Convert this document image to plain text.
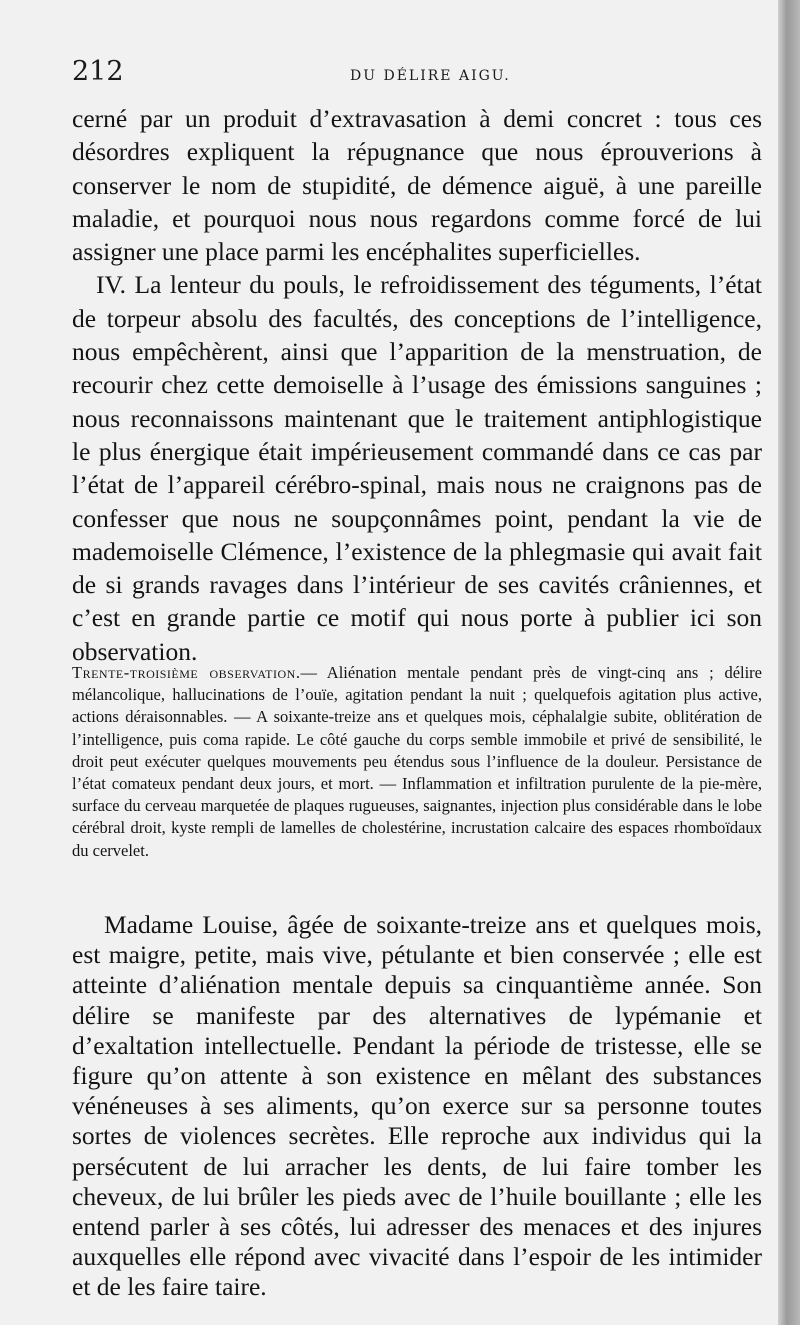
212	DU DÉLIRE AIGU.

cerné par un produit d’extravasation à demi concret : tous ces désordres expliquent la répugnance que nous éprouverions à conserver le nom de stupidité, de démence aiguë, à une pareille maladie, et pourquoi nous nous regardons comme forcé de lui assigner une place parmi les encéphalites superficielles.

IV. La lenteur du pouls, le refroidissement des téguments, l’état de torpeur absolu des facultés, des conceptions de l’intelligence, nous empêchèrent, ainsi que l’apparition de la menstruation, de recourir chez cette demoiselle à l’usage des émissions sanguines ; nous reconnaissons maintenant que le traitement antiphlogistique le plus énergique était impérieusement commandé dans ce cas par l’état de l’appareil cérébro-spinal, mais nous ne craignons pas de confesser que nous ne soupçonnâmes point, pendant la vie de mademoiselle Clémence, l’existence de la phlegmasie qui avait fait de si grands ravages dans l’intérieur de ses cavités crâniennes, et c’est en grande partie ce motif qui nous porte à publier ici son observation.

Trente-troisième observation.— Aliénation mentale pendant près de vingt-cinq ans ; délire mélancolique, hallucinations de l’ouïe, agitation pendant la nuit ; quelquefois agitation plus active, actions déraisonnables. — A soixante-treize ans et quelques mois, céphalalgie subite, oblitération de l’intelligence, puis coma rapide. Le côté gauche du corps semble immobile et privé de sensibilité, le droit peut exécuter quelques mouvements peu étendus sous l’influence de la douleur. Persistance de l’état comateux pendant deux jours, et mort. — Inflammation et infiltration purulente de la pie-mère, surface du cerveau marquetée de plaques rugueuses, saignantes, injection plus considérable dans le lobe cérébral droit, kyste rempli de lamelles de cholestérine, incrustation calcaire des espaces rhomboïdaux du cervelet.

Madame Louise, âgée de soixante-treize ans et quelques mois, est maigre, petite, mais vive, pétulante et bien conservée ; elle est atteinte d’aliénation mentale depuis sa cinquantième année. Son délire se manifeste par des alternatives de lypémanie et d’exaltation intellectuelle. Pendant la période de tristesse, elle se figure qu’on attente à son existence en mêlant des substances vénéneuses à ses aliments, qu’on exerce sur sa personne toutes sortes de violences secrètes. Elle reproche aux individus qui la persécutent de lui arracher les dents, de lui faire tomber les cheveux, de lui brûler les pieds avec de l’huile bouillante ; elle les entend parler à ses côtés, lui adresser des menaces et des injures auxquelles elle répond avec vivacité dans l’espoir de les intimider et de les faire taire.
